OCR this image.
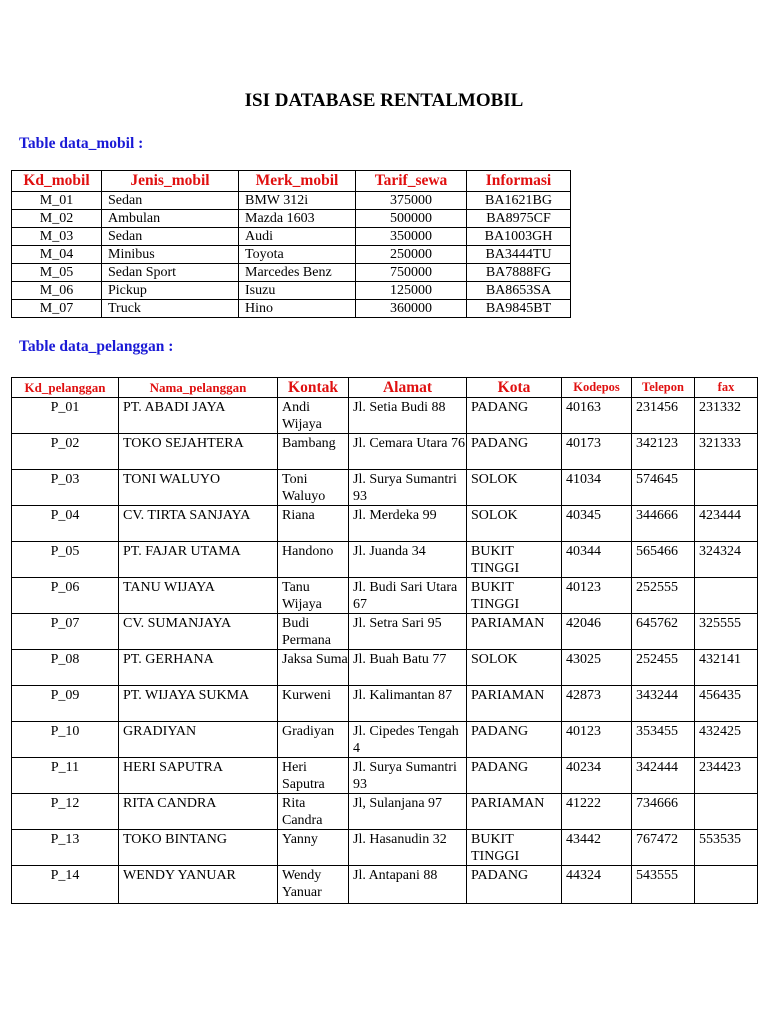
ISI DATABASE RENTALMOBIL
Table data_mobil :
Kd_mobil	Jenis_mobil	Merk_mobil	Tarif_sewa	Informasi
M_01	Sedan	BMW 312i	375000	BA1621BG
M_02	Ambulan	Mazda 1603	500000	BA8975CF
M_03	Sedan	Audi	350000	BA1003GH
M_04	Minibus	Toyota	250000	BA3444TU
M_05	Sedan Sport	Marcedes Benz	750000	BA7888FG
M_06	Pickup	Isuzu	125000	BA8653SA
M_07	Truck	Hino	360000	BA9845BT
Table data_pelanggan :
Kd_pelanggan	Nama_pelanggan	Kontak	Alamat	Kota	Kodepos	Telepon	fax
P_01	PT. ABADI JAYA	Andi Wijaya	Jl. Setia Budi 88	PADANG	40163	231456	231332
P_02	TOKO SEJAHTERA	Bambang	Jl. Cemara Utara 76	PADANG	40173	342123	321333
P_03	TONI WALUYO	Toni Waluyo	Jl. Surya Sumantri 93	SOLOK	41034	574645	
P_04	CV. TIRTA SANJAYA	Riana	Jl. Merdeka 99	SOLOK	40345	344666	423444
P_05	PT. FAJAR UTAMA	Handono	Jl. Juanda 34	BUKIT TINGGI	40344	565466	324324
P_06	TANU WIJAYA	Tanu Wijaya	Jl. Budi Sari Utara 67	BUKIT TINGGI	40123	252555	
P_07	CV. SUMANJAYA	Budi Permana	Jl. Setra Sari 95	PARIAMAN	42046	645762	325555
P_08	PT. GERHANA	Jaksa Suma	Jl. Buah Batu 77	SOLOK	43025	252455	432141
P_09	PT. WIJAYA SUKMA	Kurweni	Jl. Kalimantan 87	PARIAMAN	42873	343244	456435
P_10	GRADIYAN	Gradiyan	Jl. Cipedes Tengah 4	PADANG	40123	353455	432425
P_11	HERI SAPUTRA	Heri Saputra	Jl. Surya Sumantri 93	PADANG	40234	342444	234423
P_12	RITA CANDRA	Rita Candra	Jl, Sulanjana 97	PARIAMAN	41222	734666	
P_13	TOKO BINTANG	Yanny	Jl. Hasanudin 32	BUKIT TINGGI	43442	767472	553535
P_14	WENDY YANUAR	Wendy Yanuar	Jl. Antapani 88	PADANG	44324	543555	
